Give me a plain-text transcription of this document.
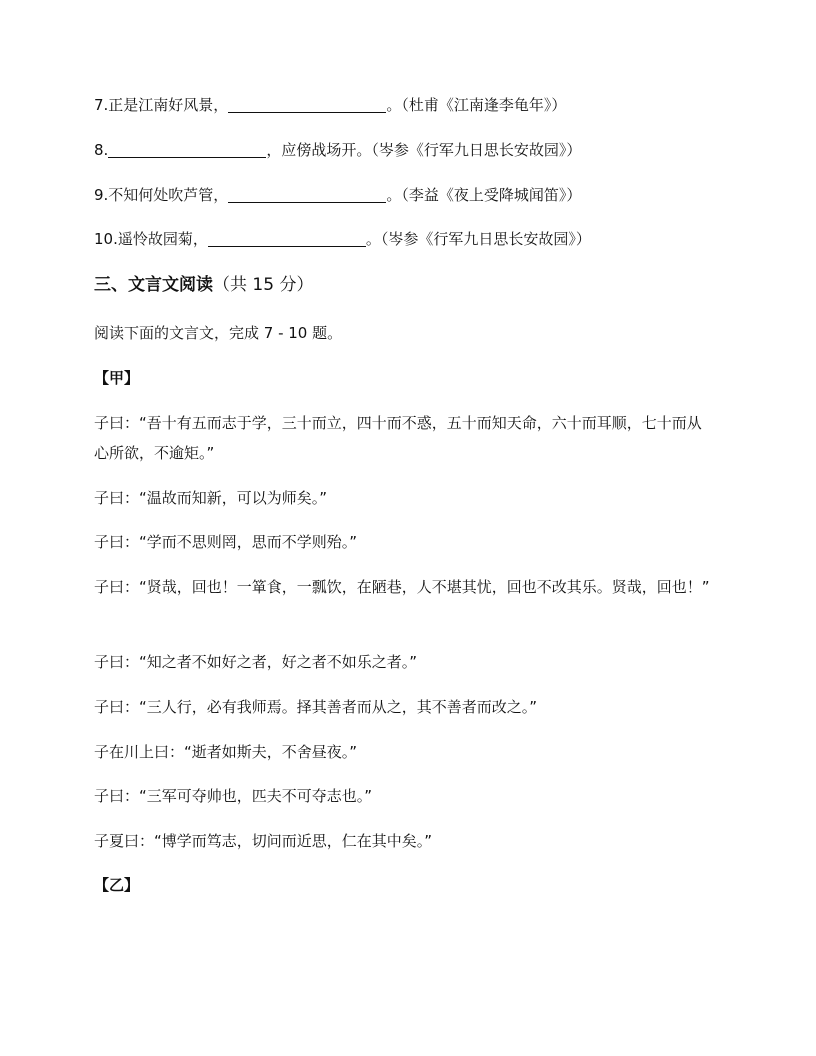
7.正是江南好风景，	。（杜甫《江南逢李龟年》）
8.	，应傍战场开。（岑参《行军九日思长安故园》）
9.不知何处吹芦管，	。（李益《夜上受降城闻笛》）
10.遥怜故园菊，	。（岑参《行军九日思长安故园》）
三、文言文阅读（共 15 分）
阅读下面的文言文，完成 7 - 10 题。
【甲】
子曰：“吾十有五而志于学，三十而立，四十而不惑，五十而知天命，六十而耳顺，七十而从心所欲，不逾矩。”
子曰：“温故而知新，可以为师矣。”
子曰：“学而不思则罔，思而不学则殆。”
子曰：“贤哉，回也！一箪食，一瓢饮，在陋巷，人不堪其忧，回也不改其乐。贤哉，回也！”
子曰：“知之者不如好之者，好之者不如乐之者。”
子曰：“三人行，必有我师焉。择其善者而从之，其不善者而改之。”
子在川上曰：“逝者如斯夫，不舍昼夜。”
子曰：“三军可夺帅也，匹夫不可夺志也。”
子夏曰：“博学而笃志，切问而近思，仁在其中矣。”
【乙】
